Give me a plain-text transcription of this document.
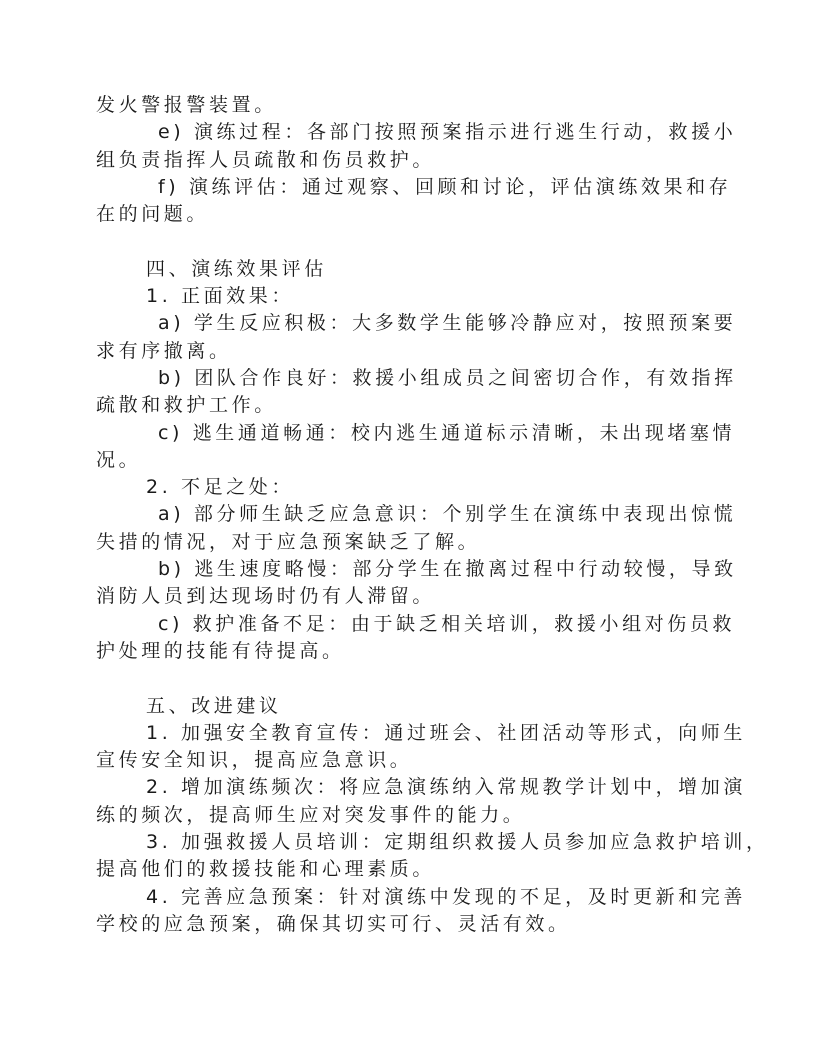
发火警报警装置。
e) 演练过程：各部门按照预案指示进行逃生行动，救援小
组负责指挥人员疏散和伤员救护。
f) 演练评估：通过观察、回顾和讨论，评估演练效果和存
在的问题。
四、演练效果评估
1. 正面效果：
a) 学生反应积极：大多数学生能够冷静应对，按照预案要
求有序撤离。
b) 团队合作良好：救援小组成员之间密切合作，有效指挥
疏散和救护工作。
c) 逃生通道畅通：校内逃生通道标示清晰，未出现堵塞情
况。
2. 不足之处：
a) 部分师生缺乏应急意识：个别学生在演练中表现出惊慌
失措的情况，对于应急预案缺乏了解。
b) 逃生速度略慢：部分学生在撤离过程中行动较慢，导致
消防人员到达现场时仍有人滞留。
c) 救护准备不足：由于缺乏相关培训，救援小组对伤员救
护处理的技能有待提高。
五、改进建议
1. 加强安全教育宣传：通过班会、社团活动等形式，向师生
宣传安全知识，提高应急意识。
2. 增加演练频次：将应急演练纳入常规教学计划中，增加演
练的频次，提高师生应对突发事件的能力。
3. 加强救援人员培训：定期组织救援人员参加应急救护培训，
提高他们的救援技能和心理素质。
4. 完善应急预案：针对演练中发现的不足，及时更新和完善
学校的应急预案，确保其切实可行、灵活有效。
